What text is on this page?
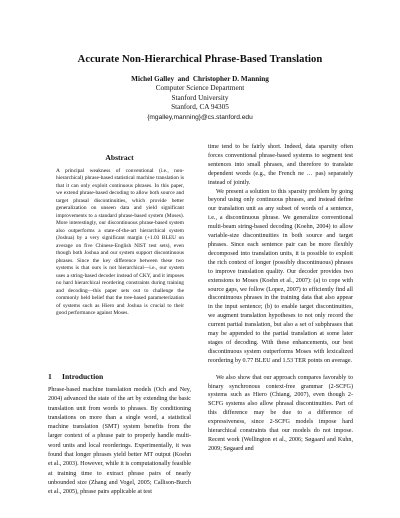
Accurate Non-Hierarchical Phrase-Based Translation
Michel Galley  and  Christopher D. Manning
Computer Science Department
Stanford University
Stanford, CA 94305
{mgalley,manning}@cs.stanford.edu
Abstract
A principal weakness of conventional (i.e., non-hierarchical) phrase-based statistical machine translation is that it can only exploit continuous phrases. In this paper, we extend phrase-based decoding to allow both source and target phrasal discontinuities, which provide better generalization on unseen data and yield significant improvements to a standard phrase-based system (Moses). More interestingly, our discontinuous phrase-based system also outperforms a state-of-the-art hierarchical system (Joshua) by a very significant margin (+1.03 BLEU on average on five Chinese-English NIST test sets), even though both Joshua and our system support discontinuous phrases. Since the key difference between these two systems is that ours is not hierarchical—i.e., our system uses a string-based decoder instead of CKY, and it imposes no hard hierarchical reordering constraints during training and decoding—this paper sets out to challenge the commonly held belief that the tree-based parameterization of systems such as Hiero and Joshua is crucial to their good performance against Moses.
1 Introduction
Phrase-based machine translation models (Och and Ney, 2004) advanced the state of the art by extending the basic translation unit from words to phrases. By conditioning translations on more than a single word, a statistical machine translation (SMT) system benefits from the larger context of a phrase pair to properly handle multi-word units and local reorderings. Experimentally, it was found that longer phrases yield better MT output (Koehn et al., 2003). However, while it is computationally feasible at training time to extract phrase pairs of nearly unbounded size (Zhang and Vogel, 2005; Callison-Burch et al., 2005), phrase pairs applicable at test

time tend to be fairly short. Indeed, data sparsity often forces conventional phrase-based systems to segment test sentences into small phrases, and therefore to translate dependent words (e.g., the French ne … pas) separately instead of jointly.

We present a solution to this sparsity problem by going beyond using only continuous phrases, and instead define our translation unit as any subset of words of a sentence, i.e., a discontinuous phrase. We generalize conventional multi-beam string-based decoding (Koehn, 2004) to allow variable-size discontinuities in both source and target phrases. Since each sentence pair can be more flexibly decomposed into translation units, it is possible to exploit the rich context of longer (possibly discontinuous) phrases to improve translation quality. Our decoder provides two extensions to Moses (Koehn et al., 2007): (a) to cope with source gaps, we follow (Lopez, 2007) to efficiently find all discontinuous phrases in the training data that also appear in the input sentence; (b) to enable target discontinuities, we augment translation hypotheses to not only record the current partial translation, but also a set of subphrases that may be appended to the partial translation at some later stages of decoding. With these enhancements, our best discontinuous system outperforms Moses with lexicalized reordering by 0.77 BLEU and 1.53 TER points on average.

We also show that our approach compares favorably to binary synchronous context-free grammar (2-SCFG) systems such as Hiero (Chiang, 2007), even though 2-SCFG systems also allow phrasal discontinuities. Part of this difference may be due to a difference of expressiveness, since 2-SCFG models impose hard hierarchical constraints that our models do not impose. Recent work (Wellington et al., 2006; Søgaard and Kuhn, 2009; Søgaard and
